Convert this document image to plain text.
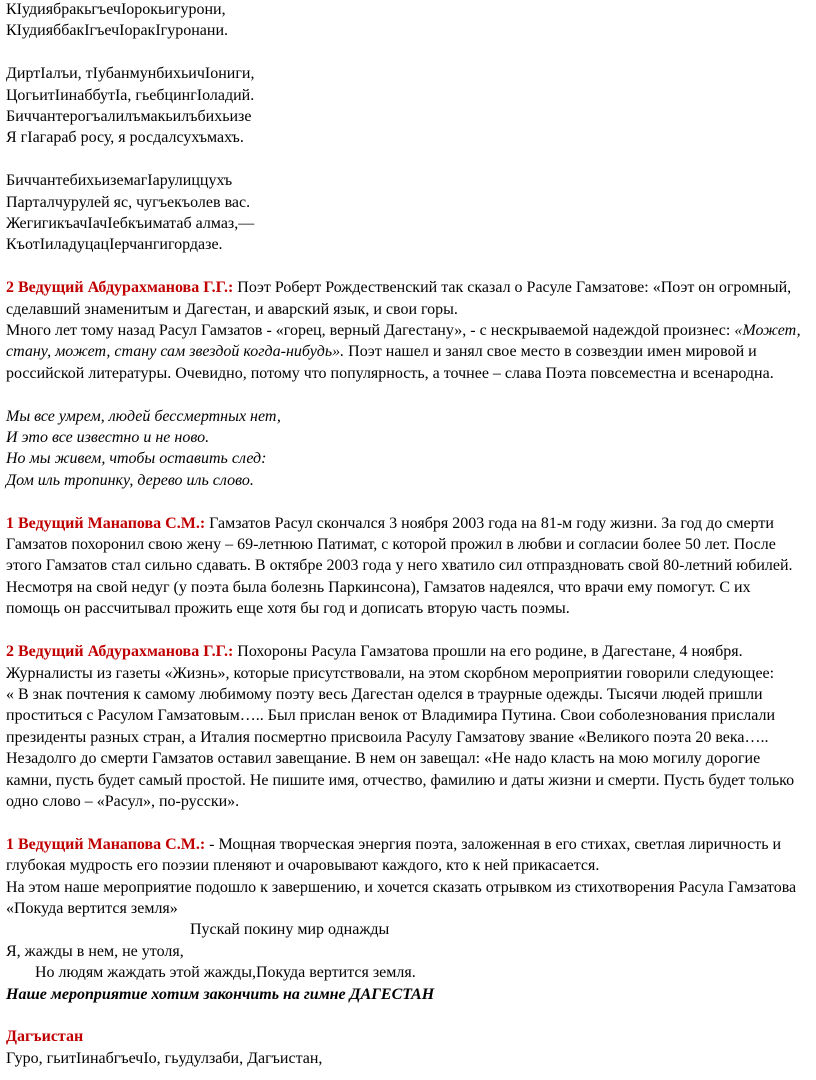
КIудиябракьгъечIорокьигурони,

КIудияббакIгъечIоракIгуронани.

ДиртIалъи, тIубанмунбихьичIониги,

ЦогьитIинаббутIа, гьебцингIоладий.

Биччантерогъалилъмакьилъбихьизе

Я гIагараб росу, я росдалсухъмахъ.

БиччантебихьиземагIарулиццухъ

Парталчурулей яс, чугъекъолев вас.

ЖегигикъачIачIебкъиматаб алмаз,—

КъотIиладуцацIерчангигордазе.

2 Ведущий Абдурахманова Г.Г.: Поэт Роберт Рождественский так сказал о Расуле Гамзатове: «Поэт он огромный, сделавший знаменитым и Дагестан, и аварский язык, и свои горы.

Много лет тому назад Расул Гамзатов - «горец, верный Дагестану», - с нескрываемой надеждой произнес: «Может, стану, может, стану сам звездой когда-нибудь». Поэт нашел и занял свое место в созвездии имен мировой и российской литературы. Очевидно, потому что популярность, а точнее – слава Поэта повсеместна и всенародна.

Мы все умрем, людей бессмертных нет,

И это все известно и не ново.

Но мы живем, чтобы оставить след:

Дом иль тропинку, дерево иль слово.

1 Ведущий Манапова С.М.: Гамзатов Расул скончался 3 ноября 2003 года на 81-м году жизни. За год до смерти Гамзатов похоронил свою жену – 69-летнюю Патимат, с которой прожил в любви и согласии более 50 лет. После этого Гамзатов стал сильно сдавать. В октябре 2003 года у него хватило сил отпраздновать свой 80-летний юбилей. Несмотря на свой недуг (у поэта была болезнь Паркинсона), Гамзатов надеялся, что врачи ему помогут. С их помощь он рассчитывал прожить еще хотя бы год и дописать вторую часть поэмы.

2 Ведущий Абдурахманова Г.Г.: Похороны Расула Гамзатова прошли на его родине, в Дагестане, 4 ноября. Журналисты из газеты «Жизнь», которые присутствовали, на этом скорбном мероприятии говорили следующее:

« В знак почтения к самому любимому поэту весь Дагестан оделся в траурные одежды. Тысячи людей пришли проститься с Расулом Гамзатовым….. Был прислан венок от Владимира Путина. Свои соболезнования прислали президенты разных стран, а Италия посмертно присвоила Расулу Гамзатову звание «Великого поэта 20 века…..

Незадолго до смерти Гамзатов оставил завещание. В нем он завещал: «Не надо класть на мою могилу дорогие камни, пусть будет самый простой. Не пишите имя, отчество, фамилию и даты жизни и смерти. Пусть будет только одно слово – «Расул», по-русски».

1 Ведущий Манапова С.М.: - Мощная творческая энергия поэта, заложенная в его стихах, светлая лиричность и глубокая мудрость его поэзии пленяют и очаровывают каждого, кто к ней прикасается.

На этом наше мероприятие подошло к завершению, и хочется сказать отрывком из стихотворения Расула Гамзатова «Покуда вертится земля»

Пускай покину мир однажды

Я, жажды в нем, не утоля,

Но людям жаждать этой жажды,Покуда вертится земля.

Наше мероприятие хотим закончить на гимне ДАГЕСТАН

Дагъистан

Гуро, гьитIинабгъечIо, гьудулзаби, Дагъистан,
